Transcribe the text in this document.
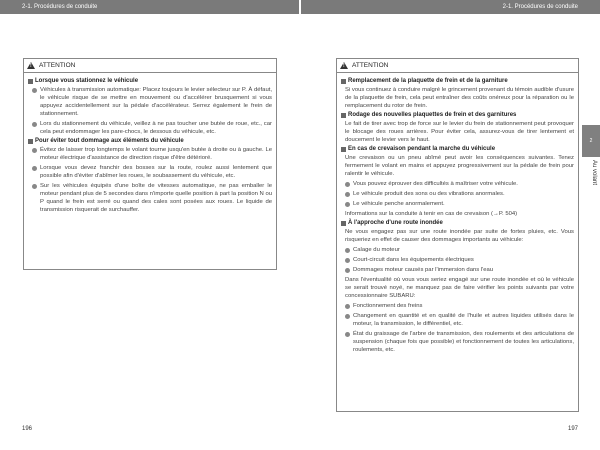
2-1. Procédures de conduite	2-1. Procédures de conduite
2
Au volant
!
ATTENTION
Lorsque vous stationnez le véhicule
Véhicules à transmission automatique: Placez toujours le levier sélecteur sur P. À défaut, le véhicule risque de se mettre en mouvement ou d'accélérer brusquement si vous appuyez accidentellement sur la pédale d'accélérateur. Serrez également le frein de stationnement.
Lors du stationnement du véhicule, veillez à ne pas toucher une butée de roue, etc., car cela peut endommager les pare-chocs, le dessous du véhicule, etc.
Pour éviter tout dommage aux éléments du véhicule
Évitez de laisser trop longtemps le volant tourne jusqu'en butée à droite ou à gauche. Le moteur électrique d'assistance de direction risque d'être détérioré.
Lorsque vous devez franchir des bosses sur la route, roulez aussi lentement que possible afin d'éviter d'abîmer les roues, le soubassement du véhicule, etc.
Sur les véhicules équipés d'une boîte de vitesses automatique, ne pas emballer le moteur pendant plus de 5 secondes dans n'importe quelle position à part la position N ou P quand le frein est serré ou quand des cales sont posées aux roues. Le liquide de transmission risquerait de surchauffer.
!
ATTENTION
Remplacement de la plaquette de frein et de la garniture
Si vous continuez à conduire malgré le grincement provenant du témoin audible d'usure de la plaquette de frein, cela peut entraîner des coûts onéreux pour la réparation ou le remplacement du rotor de frein.
Rodage des nouvelles plaquettes de frein et des garnitures
Le fait de tirer avec trop de force sur le levier du frein de stationnement peut provoquer le blocage des roues arrières. Pour éviter cela, assurez-vous de tirer lentement et doucement le levier vers le haut.
En cas de crevaison pendant la marche du véhicule
Une crevaison ou un pneu abîmé peut avoir les conséquences suivantes. Tenez fermement le volant en mains et appuyez progressivement sur la pédale de frein pour ralentir le véhicule.
Vous pouvez éprouver des difficultés à maîtriser votre véhicule.
Le véhicule produit des sons ou des vibrations anormales.
Le véhicule penche anormalement.
Informations sur la conduite à tenir en cas de crevaison (→P. 504)
À l'approche d'une route inondée
Ne vous engagez pas sur une route inondée par suite de fortes pluies, etc. Vous risqueriez en effet de causer des dommages importants au véhicule:
Calage du moteur
Court-circuit dans les équipements électriques
Dommages moteur causés par l'immersion dans l'eau
Dans l'éventualité où vous vous seriez engagé sur une route inondée et où le véhicule se serait trouvé noyé, ne manquez pas de faire vérifier les points suivants par votre concessionnaire SUBARU:
Fonctionnement des freins
Changement en quantité et en qualité de l'huile et autres liquides utilisés dans le moteur, la transmission, le différentiel, etc.
État du graissage de l'arbre de transmission, des roulements et des articulations de suspension (chaque fois que possible) et fonctionnement de toutes les articulations, roulements, etc.
196	197
